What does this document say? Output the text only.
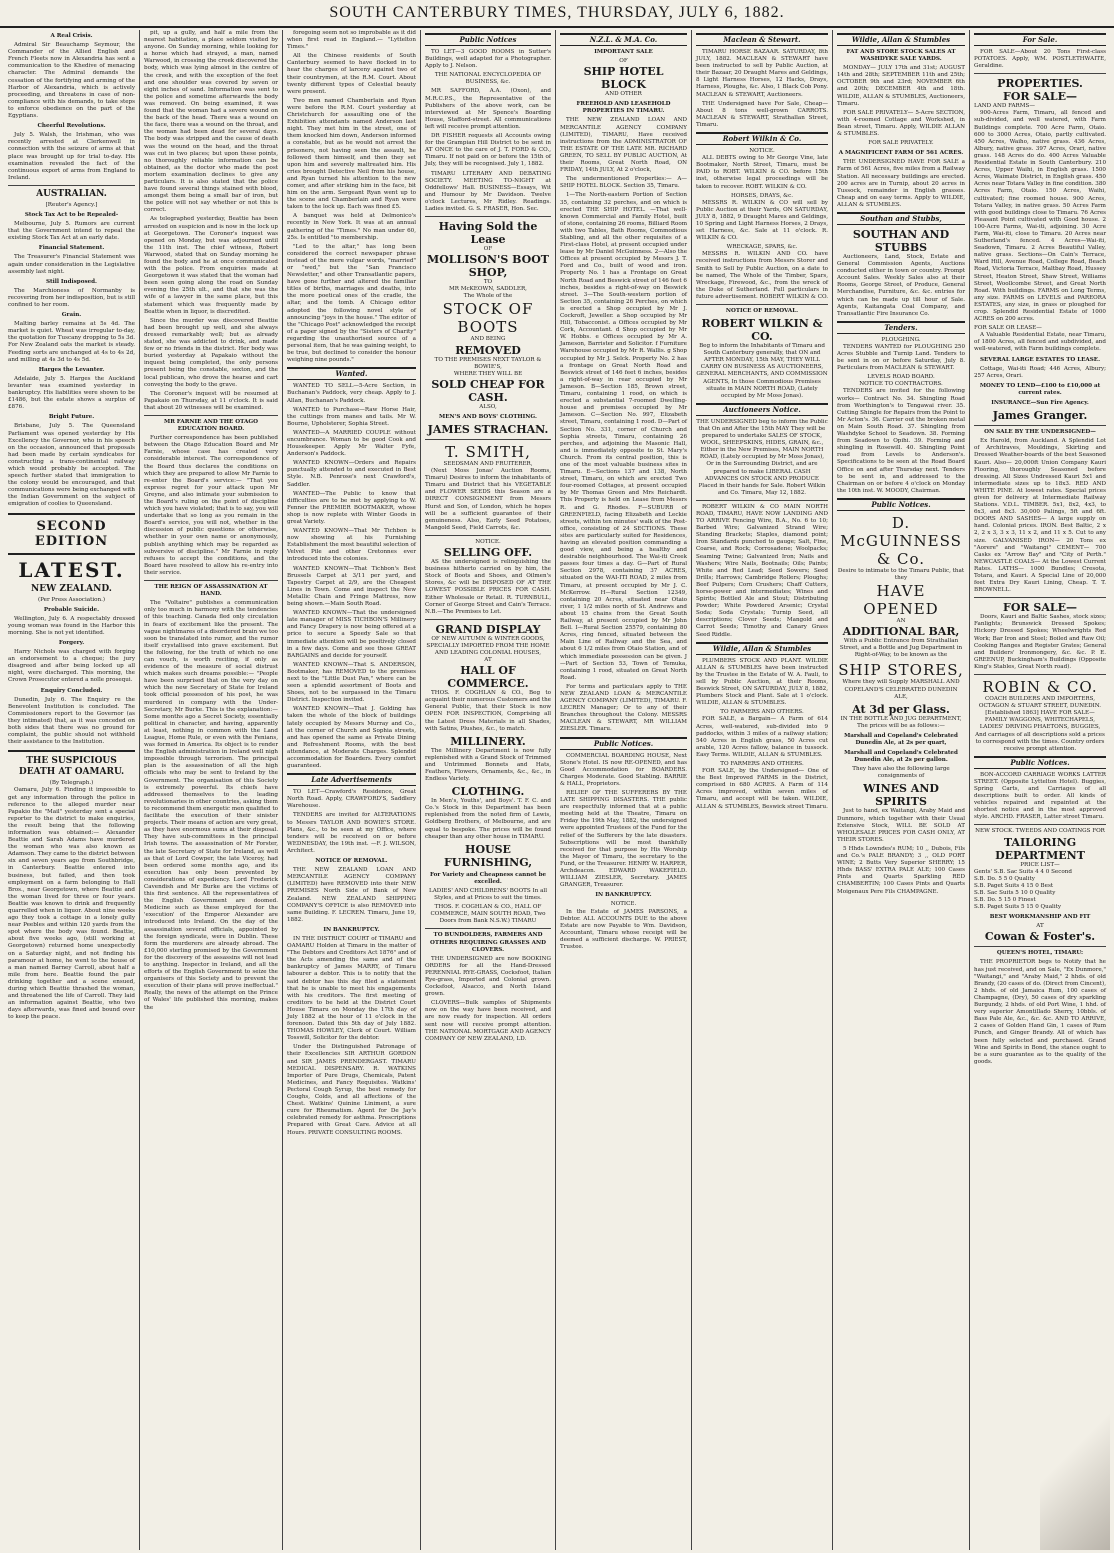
SOUTH CANTERBURY TIMES, THURSDAY, JULY 6, 1882.
A Real Crisis.

Admiral Sir Beauchamp Seymour, the Commander of the Allied English and French Fleets now in Alexandria has sent a communication to the Khedive of menacing character. The Admiral demands the cessation of the fortifying and arming of the Harbor of Alexandria, which is actively proceeding, and threatens in case of non-compliance with his demands, to take steps to enforce obedience on the part of the Egyptians.

Cheerful Revolutions.

July 5. Walsh, the Irishman, who was recently arrested at Clerkenwell in connection with the seizure of arms at that place was brought up for trial to-day. His examination revealed the fact of the continuous export of arms from England to Ireland.

AUSTRALIAN.
[Reuter's Agency.]
Stock Tax Act to be Repealed-

Melbourne, July 5. Rumors are current that the Government intend to repeal the existing Stock Tax Act at an early date.

Financial Statement.

The Treasurer's Financial Statement was again under consideration in the Legislative assembly last night.

Still Indisposed.

The Marchioness of Normanby is recovering from her indisposition, but is still confined to her room.

Grain.

Malting barley remains at 5s 4d. The market is quiet. Wheat was irregular to-day, the quotation for Tuscany dropping to 5s 3d. For New Zealand oats the market is steady. Feeding sorts are unchanged at 4s to 4s 2d, and milling at 4s 3d to 4s 5d.

Harges the Levanter.

Adelaide, July 5. Harges the Auckland levanter was examined yesterday in bankruptcy. His liabilities were shown to be £1486, but the estate shows a surplus of £876.

Bright Future.

Brisbane, July 5. The Queensland Parliament was opened yesterday by His Excellency the Governor, who in his speech on the occasion, announced that proposals had been made by certain syndicates for constructing a trans-continental railway which would probably be accepted. The speech further stated that immigration to the colony would be encouraged, and that communications were being exchanged with the Indian Government on the subject of emigration of coolies to Queensland.

SECOND EDITION
LATEST.
NEW ZEALAND.
(Per Press Association.)
Probable Suicide.

Wellington, July 6. A respectably dressed young woman was found in the Harbor this morning. She is not yet identified.

Forgery.

Harry Nichols was charged with forging an endorsement to a cheque; the jury disagreed and after being locked up all night, were discharged. This morning, the Crown Prosecutor entered a nolle prosequi.

Enquiry Concluded.

Dunedin, July 6. The Enquiry re the Benevolent Institution is concluded. The Commissioners report to the Governor (as they intimated) that, as it was conceded on both sides that there was no ground for complaint, the public should not withhold their assistance to the Institution.

THE SUSPICIOUS DEATH AT OAMARU.
(By Telegraph.)

Oamaru, July 6. Finding it impossible to get any information through the police in reference to the alleged murder near Papakio the "Mail" yesterday sent a special reporter to the district to make enquiries, the result being that the following information was obtained:— Alexander Beattie and Sarah Adams have murdered the woman who was also known as Adamson. They came to the district between six and seven years ago from Southbridge, in Canterbury. Beattie entered into business, but failed, and then took employment on a farm belonging to Hall Bros., near Georgetown, where Beattie and the woman lived for three or four years. Beattie was known to drink and frequently quarrelled when in liquor. About nine weeks ago they took a cottage in a lonely gully near Peebles and within 120 yards from the spot where the body was found. Beattie, about five weeks ago, (still working at Georgetown) returned home unexpectedly on a Saturday night, and not finding his paramour at home, he went to the house of a man named Barney Carroll, about half a mile from here. Beattie found the pair drinking together and a scene ensued, during which Beattie thrashed the woman, and threatened the life of Carroll. They laid an information against Beattie, who two days afterwards, was fined and bound over to keep the peace.

pit, up a gully, and half a mile from the nearest habitation, a place seldom visited by anyone. On Sunday morning, while looking for a horse which had strayed, a man, named Warwood, in crossing the creek discovered the body, which was lying almost in the centre of the creek, and with the exception of the feet and one shoulder was covered by seven or eight inches of sand. Information was sent to the police and sometime afterwards the body was removed. On being examined, it was found that the woman had a severe wound on the back of the head. There was a wound on the face, there was a wound on the throat, and the woman had been dead for several days. The body was stripped and the cause of death was the wound on the head, and the throat was cut in two places; but upon these points, no thoroughly reliable information can be obtained, as the doctor who made the post mortem examination declines to give any particulars. It is also stated that the police have found several things stained with blood, amongst them being a small bar of iron, but the police will not say whether or not this is correct.

As telegraphed yesterday, Beattie has been arrested on suspicion and is now in the lock up at Georgetown. The Coroner's inquest was opened on Monday, but was adjourned until the 11th inst. The chief witness, Robert Warwood, stated that on Sunday morning he found the body and he at once communicated with the police. From enquiries made at Georgetown it was stated that the woman had been seen going along the road on Sunday evening the 25th ult., and that she was the wife of a lawyer in the same place, but this statement which was frequently made by Beattie when in liquor, is discredited.

Since the murder was discovered Beattie had been brought up well, and she always dressed remarkably well; but as already stated, she was addicted to drink, and made few or no friends in the district. Her body was buried yesterday at Papakaio without the inquest being completed, the only persons present being the constable, sexton, and the local publican, who drove the hearse and cart conveying the body to the grave.

The Coroner's inquest will be resumed at Papakaio on Thursday, at 11 o'clock. It is said that about 20 witnesses will be examined.

MR FARNIE AND THE OTAGO EDUCATION BOARD.

Further correspondence has been published between the Otago Education Board and Mr Farnie, whose case has created very considerable interest. The correspondence of the Board thus declares the conditions on which they are prepared to allow Mr Farnie to re-enter the Board's service:— "That you express regret for your attack upon Mr Greyne, and also intimate your submission to the Board's ruling on the point of discipline which you have violated; that is to say, you will undertake that so long as you remain in the Board's service, you will not, whether in the discussion of public questions or otherwise, whether in your own name or anonymously, publish anything which may be regarded as subversive of discipline." Mr Farnie in reply refuses to accept the conditions, and the Board have resolved to allow his re-entry into their service.

THE REIGN OF ASSASSINATION AT HAND.

The "Voltaire" publishes a communication only too much in harmony with the tendencies of this teaching. Canada fled only circulation in fears of excitement like the present. The vague nightmares of a disordered brain we too soon be translated into rumor, and the rumor itself crystallised into grave excitement. But the following, for the truth of which no one can vouch, is worth reciting, if only as evidence of the measure of social distrust which makes such dreams possible:— "People have been surprised that on the very day on which the new Secretary of State for Ireland took official possession of his post, he was murdered in company with the Under-Secretary, Mr Burke. This is the explanation:— Some months ago a Secret Society, essentially political in character, and having, apparently at least, nothing in common with the Land League, Home Rule, or even with the Fenians, was formed in America. Its object is to render the English administration in Ireland well nigh impossible through terrorism. The principal plan is the assassination of all the high officials who may be sent to Ireland by the Government. The organisation of this Society is extremely powerful. Its chiefs have addressed themselves to the leading revolutionaries in other countries, asking them to recommend them energetic men qualified to facilitate the execution of their sinister projects. Their means of action are very great, as they have enormous sums at their disposal. They have sub-committees in the principal Irish towns. The assassination of Mr Forster, the late Secretary of State for Ireland, as well as that of Lord Cowper, the late Viceroy, had been ordered some months ago, and its execution has only been prevented by considerations of expediency. Lord Frederick Cavendish and Mr Burke are the victims of this first sentence. All the representatives of the English Government are doomed. Medicine such as these employed for the 'execution' of the Emperor Alexander are introduced into Ireland. On the day of the assassination several officials, appointed by the foreign syndicate, were in Dublin. These form the murderers are already abroad. The £10,000 sterling promised by the Government for the discovery of the assassins will not lead to anything. Inspector in Ireland, and all the efforts of the English Government to seize the organisers of this Society and to prevent the execution of their plans will prove ineffectual." Really, the news of the attempt on the Prince of Wales' life published this morning, makes the

foregoing seem not so improbable as it did when first read in England.— "Lyttelton Times."

All the Chinese residents of South Canterbury seemed to have flocked in to hear the charges of larceny against two of their countrymen, at the R.M. Court. About twenty different types of Celestial beauty were present.

Two men named Chamberlain and Ryan were before the R.M. Court yesterday at Christchurch for assaulting one of the Exhibition attendants named Anderson last night. They met him in the street, one of them knocked him down, Anderson informed a constable, but as he would not arrest the prisoners, not having seen the assault, he followed them himself, and then they set upon him and severely maltreated him. His cries brought Detective Neil from his house, and Ryan turned his attention to the new comer, and after striking him in the face, bit him on the arm. Sergeant Ryan went up to the scene and Chamberlain and Ryan were taken to the lock up. Each was fined £5.

A banquet was held at Delmonico's recently in New York. It was at an annual gathering of the "Times." No man under 60, 25s. Is entitled "to membership.

"Led to the altar," has long been considered the correct newspaper phrase instead of the mere vulgar words, "married" or "wed," but the "San Francisco Newsletter," and other Transatlantic papers, have gone further and altered the familiar titles of births, marriages and deaths, into the more poetical ones of the cradle, the altar, and the tomb. A Chicago editor adopted the following novel style of announcing "joys in the house." The editor of the "Chicago Post" acknowledged the receipt of a paper signed by the "Sisters of Charity" regarding the unauthorised source of a personal item, that he was gaining weight, to be true, but declined to consider the honour weighing nine pounds."

Wanted.

WANTED TO SELL—5-Acre Section, in Buchanan's Paddock, very cheap. Apply to J. Allan, Buchanan's Paddock.

WANTED to Purchase—Raw Horse Hair, the cuttings from manes and tails. Mr W. Bourne, Upholsterer, Sophia Street.

WANTED—A MARRIED COUPLE without encumbrance. Woman to be good Cook and Housekeeper. Apply Mr Walter Fyfe, Anderson's Paddock.

WANTED KNOWN—Orders and Repairs punctually attended to and executed in Best Style. N.B. Penrose's next Crawford's, Saddler.

WANTED—The Public to know that difficulties are to be met by applying to W. Fenner the PREMIER BOOTMAKER, whose shop is now replete with Winter Goods in great Variety.

WANTED KNOWN—That Mr Tichbon is now showing at his Furnishing Establishment the most beautiful selection of Velvet Pile and other Cretonnes ever introduced into the colonies.

WANTED KNOWN—That Tichbon's Best Brussels Carpet at 3/11 per yard, and Tapestry Carpet at 2/9, are the Cheapest Lines in Town. Come and inspect the New Metallic Chain and Fringe Mattress, now being shown.—Main South Road.

WANTED KNOWN—That the undersigned late manager of MISS TICHBON'S Millinery and Fancy Drapery is now being offered at a price to secure a Speedy Sale so that immediate attention will be positively closed in a few days. Come and see those GREAT BARGAINS and decide for yourself.

WANTED KNOWN—That S. ANDERSON, Bootmaker, has REMOVED to the premises next to the "Little Dust Pan," where can be seen a splendid assortment of Boots and Shoes, not to be surpassed in the Timaru District. Inspection invited.

WANTED KNOWN—That J. Golding has taken the whole of the block of buildings lately occupied by Messrs Murray and Co., at the corner of Church and Sophia streets, and has opened the same as Private Dining and Refreshment Rooms, with the best attendance, at Moderate Charges. Splendid accommodation for Boarders. Every comfort guaranteed.

Late Advertisements

TO LET—Crawford's Residence, Great North Road. Apply, CRAWFORD'S, Saddlery Warehouse.

TENDERS are invited for ALTERATIONS to Messrs TAYLOR AND BOWIE'S STORE. Plans, &c., to be seen at my Office, where tenders will be received on or before WEDNESDAY, the 19th inst. —F. J. WILSON, Architect.

NOTICE OF REMOVAL.

THE NEW ZEALAND LOAN AND MERCANTILE AGENCY COMPANY (LIMITED) have REMOVED into their NEW PREMISES North Side of Bank of New Zealand. NEW ZEALAND SHIPPING COMPANY'S OFFICE is also REMOVED into same Building. F. LECREN. Timaru, June 19, 1882.

IN BANKRUPTCY.

IN THE DISTRICT COURT of TIMARU and OAMARU Holden at Timaru in the matter of "The Debtors and Creditors Act 1876" and of the Acts amending the same and of the bankruptcy of James MARRY, of Timaru labourer a debtor. This is to notify that the said debtor has this day filed a statement that he is unable to meet his engagements with his creditors. The first meeting of creditors to be held at the District Court House Timaru on Monday the 17th day of July 1882 at the hour of 11 o'clock in the forenoon. Dated this 5th day of July 1882. THOMAS HOWLEY, Clerk of Court. William Tosswill, Solicitor for the debtor.

Under the Distinguished Patronage of their Excellencies SIR ARTHUR GORDON and SIR JAMES PRENDERGAST. TIMARU MEDICAL DISPENSARY. R. WATKINS Importer of Pure Drugs, Chemicals, Patent Medicines, and Fancy Requisites. Watkins' Pectoral Cough Syrup, the best remedy for Coughs, Colds, and all affections of the Chest. Watkins' Quinine Liniment, a sure cure for Rheumatism. Agent for De Jay's celebrated remedy for asthma. Prescriptions Prepared with Great Care. Advice at all Hours. PRIVATE CONSULTING ROOMS.

Public Notices

TO LET—3 GOOD ROOMS in Sutter's Buildings, well adapted for a Photographer. Apply to J. Nelson.

THE NATIONAL ENCYCLOPEDIA OF BUSINESS, &c.

MR SAFFORD, A.A. (Oxon), and M.R.C.P.S., the Representative of the Publishers of the above work, can be interviewed at Mr Spence's Boarding House, Stafford-street. All communications left will receive prompt attention.

DR FISHER requests all Accounts owing for the Grampian Hill District to be sent in AT ONCE to the care of J. T. FORD & CO., Timaru. If not paid on or before the 15th of July, they will be recognised. July 1, 1882.

TIMARU LITERARY AND DEBATING SOCIETY. MEETING TO-NIGHT at Oddfellows' Hall. BUSINESS—Essays, Wit and Humour by Mr Davidson. Twelve o'clock Lectures, Mr Ridley. Readings. Ladies invited. G. S. FRASER, Hon. Sec.

Having Sold the Lease
OF
MOLLISON'S BOOT SHOP,
TO
MR McKEOWN, SADDLER,
The Whole of the
STOCK OF BOOTS
AND BEING
REMOVED
TO THE PREMISES NEXT TAYLOR & BOWIE'S,
WHERE THEY WILL BE
SOLD CHEAP FOR CASH.
ALSO,
MEN'S AND BOYS' CLOTHING.
JAMES STRACHAN.
T. SMITH,
SEEDSMAN AND FRUITERER,

(Next Moss Jonas' Auction Rooms, Timaru) Desires to inform the inhabitants of Timaru and District that his VEGETABLE and FLOWER SEEDS this Season are a DIRECT CONSIGNMENT from Messrs Hurst and Son, of London, which he hopes will be a sufficient guarantee of their genuineness. Also, Early Seed Potatoes, Mangold Seed, Field Carrots, &c.

NOTICE.
SELLING OFF.

AS the undersigned is relinquishing the business hitherto carried on by him, the Stock of Boots and Shoes, and Oilmen's Stores, &c will be DISPOSED OF AT THE LOWEST POSSIBLE PRICES FOR CASH. Either Wholesale or Retail. R. TURNBULL, Corner of George Street and Cain's Terrace. N.B.—The Premises to Let.

GRAND DISPLAY
OF NEW AUTUMN & WINTER GOODS, SPECIALLY IMPORTED FROM THE HOME AND LEADING COLONIAL HOUSES,
AT
HALL OF COMMERCE.

THOS. F. COGHLAN & CO., Beg to acquaint their numerous Customers and the General Public, that their Stock is now OPEN FOR INSPECTION, Comprising all the Latest Dress Materials in all Shades, with Satins, Plushes, &c., to match.

MILLINERY.

The Millinery Department is now fully replenished with a Grand Stock of Trimmed and Untrimmed Bonnets and Hats, Feathers, Flowers, Ornaments, &c., &c., in Endless Variety.

CLOTHING.

In Men's, Youths', and Boys'. T. F. C. and Co.'s Stock in this Department has been replenished from the noted firm of Lewis, Goldberg Brothers, of Melbourne, and are equal to bespoke. The prices will be found cheaper than any other house in TIMARU.

HOUSE FURNISHING,
For Variety and Cheapness cannot be excelled.

LADIES' AND CHILDRENS' BOOTS In all Styles, and at Prices to suit the times.

THOS. F. COGHLAN & CO., HALL OF COMMERCE, MAIN SOUTH ROAD, Two Doors from Bank N.S.W.) TIMARU

TO BUNDOLDERS, FARMERS AND OTHERS REQUIRING GRASSES AND CLOVERS.

THE UNDERSIGNED are now BOOKING ORDERS for all the Hand-Dressed PERENNIAL RYE-GRASS, Cocksfoot, Italian Rye-grass, Imported and Colonial grown. Cocksfoot, Alsacco, and North Island grown.

CLOVERS—Bulk samples of Shipments now on the way have been received, and are now ready for inspection. All orders sent now will receive prompt attention. THE NATIONAL MORTGAGE AND AGENCY COMPANY OF NEW ZEALAND, LD.

N.Z.L. & M.A. Co.
IMPORTANT SALE
OF
SHIP HOTEL BLOCK
AND OTHER
FREEHOLD AND LEASEHOLD PROPERTIES IN TIMARU.

THE NEW ZEALAND LOAN AND MERCANTILE AGENCY COMPANY (LIMITED), TIMARU, Have received instructions from the ADMINISTRATOR OF THE ESTATE OF THE LATE MR. RICHARD GREEN, TO SELL BY PUBLIC AUCTION, At their Rooms, Great North Road, ON FRIDAY, 14th JULY, At 2 o'clock,

The undermentioned Properties:— A—SHIP HOTEL BLOCK. Section 35, Timaru.

1—The North-eastern Portion of Section 35, containing 32 perches, and on which is erected THE SHIP HOTEL. —That well-known Commercial and Family Hotel, built of stone, containing 26 rooms, Billiard Room with two Tables, Bath Rooms, Commodious Stabling, and all the other requisites of a First-class Hotel, at present occupied under lease by Mr Daniel McGuinness. 2—Also the Offices at present occupied by Messrs J. T. Ford and Co., built of wood and iron. Property No. 1 has a Frontage on Great North Road and Beswick street of 146 feet 6 inches, besides a right-of-way on Beswick street. 3—The South-western portion of Section 35, containing 26 Perches, on which is erected a Shop occupied by Mr J. Cockroft, Jeweller. a Shop occupied by Mr Hill, Tobacconist. a Offices occupied by Mr Cork, Accountant. d Shop occupied by Mr W. Hobbs. e Offices occupied by Mr A. Jameson, Barrister and Solicitor. f Furniture Warehouse occupied by Mr R. Wallis. g Shop occupied by Mr J. Selck. Property No. 2 has a frontage on Great North Road and Beswick street of 146 feet 6 inches, besides a right-of-way in rear occupied by Mr Jameson. B—Section 185, Brown street, Timaru, containing 1 rood, on which is erected a substantial 7-roomed Dwelling-house and premises occupied by Mr Jameson. C—Section No. 997, Elizabeth street, Timaru, containing 1 rood. D—Part of Section No. 331, corner of Church and Sophia streets, Timaru, containing 26 perches, and adjoining the Masonic Hall, and is immediately opposite to St. Mary's Church. From its central position, this is one of the most valuable business sites in Timaru. E—Sections 137 and 138, North street, Timaru, on which are erected Two four-roomed Cottages, at present occupied by Mr Thomas Green and Mrs Reichardt. This Property is held on Lease from Messrs R. and G. Rhodes. F—SUBURB of GREENFIELD, facing Elizabeth and Leckie streets, within ten minutes' walk of the Post-office, consisting of 24 SECTIONS. These sites are particularly suited for Residences, having an elevated position commanding a good view, and being a healthy and desirable neighbourhood. The Wai-iti Creek passes four times a day. G—Part of Rural Section 2978, containing 37 ACRES, situated on the WAI-ITI ROAD, 2 miles from Timaru, at present occupied by Mr J. C. McKerrow. H—Rural Section 12349, containing 20 Acres, situated near Otaio river, 1 1/2 miles north of St. Andrews and about 15 chains from the Great South Railway, at present occupied by Mr John Bell. I—Rural Section 25579, containing 80 Acres, ring fenced, situated between the Main Line of Railway and the Sea, and about 6 1/2 miles from Otaio Station, and of which immediate possession can be given. J—Part of Section 53, Town of Temuka, containing 1 rood, situated on Great North Road.

For terms and particulars apply to THE NEW ZEALAND LOAN & MERCANTILE AGENCY COMPANY (LIMITED), TIMARU. F. LECREN Manager; Or to any of their Branches throughout the Colony. MESSRS MACLEAN & STEWART, MR WILLIAM ZIESLER. Timaru.

Public Notices.

COMMERCIAL BOARDING HOUSE, Next Stone's Hotel. IS now RE-OPENED, and has Good Accommodation for BOARDERS. Charges Moderate. Good Stabling. BARRIE & HALL, Proprietors.

RELIEF OF THE SUFFERERS BY THE LATE SHIPPING DISASTERS. THE public are respectfully informed that at a public meeting held at the Theatre, Timaru on Friday the 19th May, 1882, the undersigned were appointed Trustees of the Fund for the relief of the Sufferers by the late disasters. Subscriptions will be most thankfully received for that purpose by His Worship the Mayor of Timaru, the secretary to the Fund, or the Treasurer. HENRY W. HARPER, Archdeacon. EDWARD WAKEFIELD. WILLIAM ZIESLER, Secretary. JAMES GRANGER, Treasurer.

IN BANKRUPTCY.
NOTICE.

In the Estate of JAMES PARSONS, a Debtor. ALL ACCOUNTS DUE to the above Estate are now Payable to Wm. Davidson, Accountant, Timaru whose receipt will be deemed a sufficient discharge. W. PRIEST, Trustee.

Maclean & Stewart.

TIMARU HORSE BAZAAR. SATURDAY, 8th JULY, 1882. MACLEAN & STEWART have been instructed to sell by Public Auction, at their Bazaar, 20 Draught Mares and Geldings, 8 Light Harness Horses, 12 Hacks, Drays, Harness, Ploughs, &c. Also, 1 Black Cob Pony. MACLEAN & STEWART, Auctioneers.

THE Undersigned have For Sale, Cheap— About 8 tons well-grown CARROTS. MACLEAN & STEWART, Strathallan Street, Timaru.

Robert Wilkin & Co.
NOTICE.

ALL DEBTS owing to Mr George Vine, late Bootmaker, North Street, Timaru, must be PAID to ROBT. WILKIN & CO. before 15th inst, otherwise legal proceedings will be taken to recover. ROBT. WILKIN & CO.

HORSES, DRAYS, &c.

MESSRS R. WILKIN & CO will sell by Public Auction at their Yards, ON SATURDAY, JULY 8, 1882, 9 Draught Mares and Geldings, 10 Spring and Light Harness Horses, 2 Drays, set Harness, &c. Sale at 11 o'clock. R. WILKIN & CO.

WRECKAGE, SPARS, &c.

MESSRS R. WILKIN AND CO. have received instructions from Messrs Storer and Smith to Sell by Public Auction, on a date to be named, The Whole of the Timber, Spars, Wreckage, Firewood, &c., from the wreck of the Duke of Sutherland. Full particulars in future advertisement. ROBERT WILKIN & CO.

NOTICE OF REMOVAL.
ROBERT WILKIN & CO.

Beg to inform the Inhabitants of Timaru and South Canterbury generally, that ON and AFTER MONDAY, 15th MAY, THEY WILL CARRY ON BUSINESS AS AUCTIONEERS, GENERAL MERCHANTS, AND COMMISSION AGENTS, In those Commodious Premises situate in MAIN NORTH ROAD, (Lately occupied by Mr Moss Jonas).

Auctioneers Notice.

THE UNDERSIGNED beg to inform the Public that On and After the 15th MAY They will be prepared to undertake SALES OF STOCK, WOOL, SHEEPSKINS, HIDES, GRAIN, &c., Either in the New Premises, MAIN NORTH ROAD, (Lately occupied by Mr Moss Jonas), Or in the Surrounding District, and are prepared to make LIBERAL CASH ADVANCES ON STOCK AND PRODUCE Placed in their hands for Sale. Robert Wilkin and Co. Timaru, May 12, 1882.

ROBERT WILKIN & CO MAIN NORTH ROAD, TIMARU, HAVE NOW LANDING AND TO ARRIVE Fencing Wire, B.A., No. 6 to 10; Barbed Wire; Galvanized Strand Wire; Standing Brackets; Staples, diamond point; Iron Standards punched to gauge; Salt, Fine, Coarse, and Rock; Corrosadene; Woolpacks; Seaming Twine; Galvanized Iron; Nails and Washers; Wire Nails, Bootnails; Oils; Paints; White and Red Lead; Seed Sowers; Seed Drills; Harrows; Cambridge Rollers; Ploughs; Beef Pulpers; Corn Crushers; Chaff Cutters, horse-power and intermediates; Wines and Spirits; Bottled Ale and Stout; Distributing Powder; White Powdered Arsenic; Crystal Soda; Soda Crystals; Turnip Seed, all descriptions; Clover Seeds; Mangold and Carrot Seeds; Timothy and Canary Grass Seed Riddle.

Wildie, Allan & Stumbles

PLUMBERS STOCK AND PLANT. WILDIE ALLAN & STUMBLES have been instructed by the Trustee in the Estate of W. A. Fauli, to sell by Public Auction, at their Rooms, Beswick Street, ON SATURDAY, JULY 8, 1882, Plumbers Stock and Plant. Sale at 1 o'clock. WILDIE, ALLAN & STUMBLES.

TO FARMERS AND OTHERS.

FOR SALE, a Bargain— A Farm of 614 Acres, well-watered, sub-divided into 9 paddocks, within 3 miles of a railway station; 540 Acres in English grass, 50 Acres cut arable, 120 Acres fallow, balance in tussock. Easy Terms. WILDIE, ALLAN & STUMBLES.

TO FARMERS AND OTHERS.

FOR SALE, by the Undersigned— One of the Best Improved FARMS in the District, comprised in 680 ACRES. A Farm of 114 Acres improved, within seven miles of Timaru, and accept will be taken. WILDIE, ALLAN & STUMBLES, Beswick street Timaru.

Wildie, Allan & Stumbles
FAT AND STORE STOCK SALES AT WASHDYKE SALE YARDS.

MONDAY— JULY 17th and 31st; AUGUST 14th and 28th; SEPTEMBER 11th and 25th; OCTOBER 9th and 23rd; NOVEMBER 6th and 20th; DECEMBER 4th and 18th. WILDIE, ALLAN & STUMBLES, Auctioneers, Timaru.

FOR SALE PRIVATELY— 5-Acre SECTION, with 4-roomed Cottage and Workshed, in Bean street, Timaru. Apply, WILDIE ALLAN & STUMBLES.

FOR SALE PRIVATELY.
A MAGNIFICENT FARM OF 561 ACRES.

THE UNDERSIGNED HAVE FOR SALE a Farm of 561 Acres, five miles from a Railway Station. All necessary buildings are erected. 200 acres are in Turnip, about 20 acres in Tussock, remainder in English grasses. Cheap and on easy terms. Apply to WILDIE, ALLAN & STUMBLES.

Southan and Stubbs,
SOUTHAN AND STUBBS

Auctioneers, Land, Stock, Estate and General Commission Agents, Auctions conducted either in town or country. Prompt Account Sales. Weekly Sales also at their Rooms, George Street, of Produce, General Merchandise, Furniture, &c. &c. entries for which can be made up till hour of Sale. Agents, Kaitangata Coal Company, and Transatlantic Fire Insurance Co.

Tenders.
PLOUGHING.

TENDERS WANTED for PLOUGHING 250 Acres Stubble and Turnip Land. Tenders to be sent in on or before Saturday, July 8. Particulars from MACLEAN & STEWART.

LEVELS ROAD BOARD.
NOTICE TO CONTRACTORS.

TENDERS are invited for the following works— Contract No. 34. Shingling Road from Worthington's to Tengawai river. 35. Cutting Shingle for Repairs from the Point to Mr Acton's. 36. Carrier out the broken metal on Main South Road. 37. Shingling from Washdyke School to Seadown. 38. Forming from Seadown to Opihi. 39. Forming and shingling in Rosewill. 40. Shingling Point road from Levels to Anderson's. Specifications to be seen at the Road Board Office on and after Thursday next. Tenders to be sent in, and addressed to the Chairman on or before 4 o'clock on Monday the 10th inst. W. MOODY, Chairman.

Public Notices.
D. McGUINNESS & Co.
Desire to intimate to the Timaru Public, that they
HAVE OPENED
AN
ADDITIONAL BAR,

With a Public Entrance from Strathallan Street, and a Bottle and Jug Department in Right-of-Way, to be known as the

SHIP STORES,

Where they will Supply MARSHALL AND COPELAND'S CELEBRATED DUNEDIN ALE,

At 3d per Glass.

IN THE BOTTLE AND JUG DEPARTMENT, The prices will be as follows:—

Marshall and Copeland's Celebrated Dunedin Ale, at 2s per quart,
Marshall and Copeland's Celebrated Dunedin Ale, at 2s per gallon.

They have also the following large consignments of

WINES AND SPIRITS

Just to hand, ex Waitangi, Araby Maid and Dunmore, which together with their Usual Extensive Stock, WILL BE SOLD AT WHOLESALE PRICES FOR CASH ONLY, AT THEIR STORES.

5 Hhds Lowndes's RUM; 10 ,, Dubois, Fils and Co.'s PALE BRANDY; 3 ,, OLD PORT WINE; 2 Butts Very Superior SHERRY; 15 Hhds BASS' EXTRA PALE ALE; 100 Cases Pints and Quarts Sparkling RED CHAMBERTIN; 100 Cases Pints and Quarts Moigenaux Pere Fils CHAMPAGNE.

For Sale.

FOR SALE—About 20 Tons First-class POTATOES. Apply, WM. POSTLETHWAITE, Geraldine.

PROPERTIES.
FOR SALE—
LAND AND FARMS—

900-Acres Farm, Timaru, all fenced and sub-divided, and well watered, with Farm Buildings complete. 700 Acre Farm, Otaio. 600 to 3000 Acres, Otaio, partly cultivated. 450 Acres, Waiho, native grass. 436 Acres, Albury, native grass. 397 Acres, Orari, native grass. 148 Acres do do. 400 Acres Valuable Residential Estate in South Canterbury. 210 Acres, Upper Waihi, in English grass. 1500 Acres, Waimate District, in English grass. 450 Acres near Totara Valley in fine condition. 380 Acres Farm, Otaio. 150 Acres, Waihi, cultivated; fine roomed house. 900 Acres, Totara Valley, in native grass. 50 Acres Farm with good buildings close to Timaru. 76 Acres Pleasant Point cultivated with Good house. 2 100-Acre Farms, Wai-iti, adjoining. 30 Acre Farm, Wai-iti, close to Timaru. 20 Acres near Sutherland's fenced. 4 Acres—Wai-iti, Seadown, Timaru. 2 Acres Beautiful Valley, native grass. Sections—On Cain's Terrace, Ward Hill, Avenue Road, College Road, Beach Road, Victoria Terrace, Maltbay Road, Hussey Street, Heaton Street, Shaw Street, Williams Street, Woollcombe Street, and Great North Road. With buildings. FARMS on Long Terms, any size. FARMS on LEVELS and PAREORA ESTATES, any size, in grass or ploughed for crop. Splendid Residential Estate of 1000 ACRES on 200 acres.

FOR SALE OR LEASE—

A Valuable Residential Estate, near Timaru, of 1800 Acres, all fenced and subdivided, and well-watered, with Farm buildings complete.

SEVERAL LARGE ESTATES TO LEASE.

Cottage, Wai-iti Road; 446 Acres, Albury; 257 Acres, Orari.

MONEY TO LEND—£100 to £10,000 at current rates.
INSURANCE—Sun Fire Agency.
James Granger.
ON SALE BY THE UNDERSIGNED—

Ex Harold, from Auckland. A Splendid Lot of Architraves, Mouldings, Skirting and Dressed Weather-boards of the best Seasoned Kauri. Also— 20,000ft Union Company Kauri Flooring, thoroughly Seasoned before dressing. All Sizes Undressed Kauri 5x1 and intermediate sizes up to 18x3. RED AND WHITE PINE. At lowest rates. Special prices given for delivery at Intermediate Railway Stations. V.D.L. TIMBER. 5x1, 8x2, 4x3, to 6x3, and 8x3. 30,000 Palings, 5ft and 6ft. DOORS AND SASHES— A large supply on hand. Colonial prices. IRON. Best Baltic, 2 x 2, 2 x 3, 3 x 3, 11 x 2, and 11 x 5. Cut to any size. GALVANISED IRON— 20 Tons ex "Aorere" and "Waitangi" CEMENT— 700 Casks ex "Arrow Bay" and "City of Perth." NEWCASTLE COALS— At the Lowest Current Rates. LATHS— 1000 Bundles; Cresota, Totara, and Kauri. A Special Line of 20,000 feet Extra Dry Kauri Lining, Cheap. T. T. BROWNELL.

FOR SALE—

Doors, Kauri and Baltic Sashes, stock sizes; Fanlights; Brunswick Dressed Spokes; Hickory Dressed Spokes; Wheelwrights Red Work; Bar Iron and Steel; Boiled and Raw Oil; Cooking Ranges and Register Grates; General and Builders' Ironmongery, &c. &c. P. E. GREENUP, Buckingham's Buildings (Opposite King's Stables, Great North road).

ROBIN & CO.

COACH BUILDERS AND IMPORTERS, OCTAGON & STUART STREET, DUNEDIN. [Established 1863] HAVE FOR SALE— FAMILY WAGGONS, WHITECHAPELS, LADIES' DRIVING PHAETONS, BUGGIES, And carriages of all descriptions sold a prices to correspond with the times. Country orders receive prompt attention.

Public Notices.

BON-ACCORD CARRIAGE WORKS LATTER STREET. (Opposite Lyttelton Hotel). Buggies, Spring Carts, and Carriages of all descriptions built to order. All kinds of vehicles repaired and repainted at the shortest notice and in the most approved style. ARCHD. FRASER, Latter street Timaru.

NEW STOCK. TWEEDS AND COATINGS FOR
TAILORING DEPARTMENT
PRICE LIST—
Gents' S.B. Sac Suits 4 4 0 Second
S.B. Do. 5 5 0 Quality
S.B. Paget Suits 4 15 0 Best
S.B. Sac Suits 5 10 0 Quality
S.B. Do. 5 15 0 Finest
S.B. Paget Suits 5 15 0 Quality
BEST WORKMANSHIP AND FIT
AT
Cowan & Foster's.
QUEEN'S HOTEL, TIMARU:

THE PROPRIETOR begs to Notify that he has just received, and on Sale, "Ex Dunmore," "Waitangi," and "Araby Maid," 2 hhds. of old Brandy, (20 cases of do. (Direct from Cincent), 2 hhds. of old Jamaica Rum, 100 cases of Champagne, (Dry), 50 cases of dry sparkling Burgundy, 2 hhds. of old Port Wine, 1 hhd. of very superior Amontillado Sherry, 10bbls. of Bass Pale Ale, &c., &c. &c. AND TO ARRIVE, 2 cases of Golden Hand Gin, 1 cases of Rum Punch, and Ginger Brandy. All of which has been fully selected and purchased. Grand Wine and Spirits in Bond, the stance ought to be a sure guarantee as to the quality of the goods.
